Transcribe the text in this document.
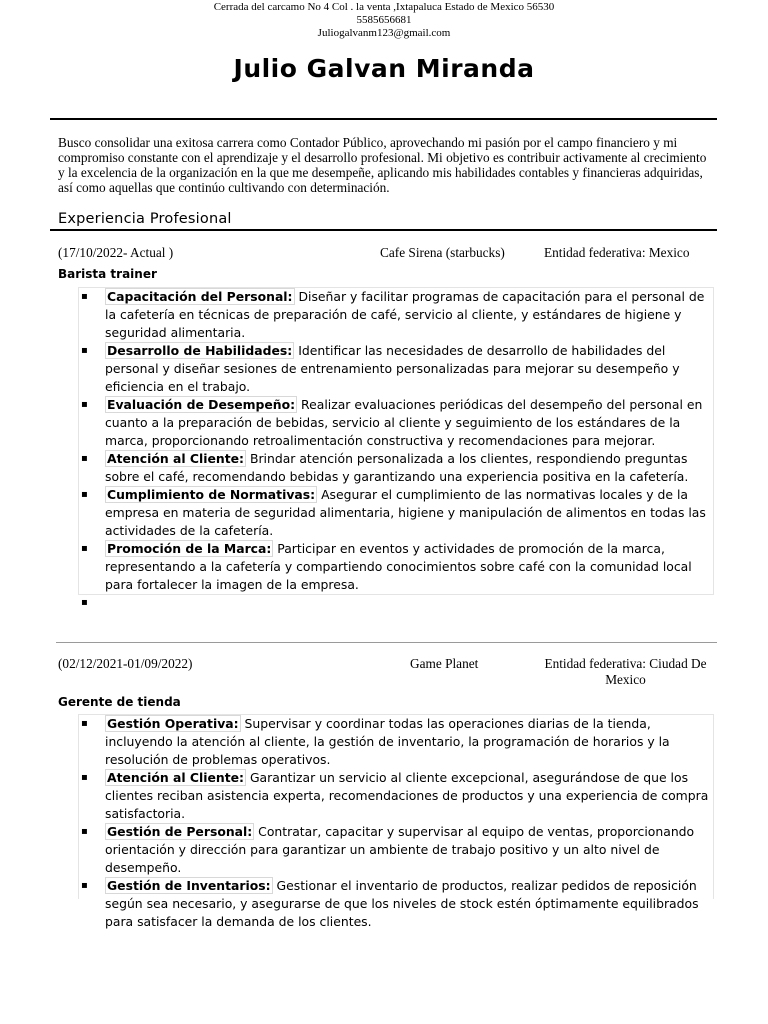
Cerrada del carcamo No 4 Col . la venta ,Ixtapaluca Estado de Mexico 56530
5585656681
Juliogalvanm123@gmail.com
Julio Galvan Miranda
Busco consolidar una exitosa carrera como Contador Público, aprovechando mi pasión por el campo financiero y mi compromiso constante con el aprendizaje y el desarrollo profesional. Mi objetivo es contribuir activamente al crecimiento y la excelencia de la organización en la que me desempeñe, aplicando mis habilidades contables y financieras adquiridas, así como aquellas que continúo cultivando con determinación.
Experiencia Profesional
(17/10/2022- Actual )	Cafe Sirena (starbucks)	Entidad federativa: Mexico
Barista trainer
▪ Capacitación del Personal: Diseñar y facilitar programas de capacitación para el personal de la cafetería en técnicas de preparación de café, servicio al cliente, y estándares de higiene y seguridad alimentaria.
▪ Desarrollo de Habilidades: Identificar las necesidades de desarrollo de habilidades del personal y diseñar sesiones de entrenamiento personalizadas para mejorar su desempeño y eficiencia en el trabajo.
▪ Evaluación de Desempeño: Realizar evaluaciones periódicas del desempeño del personal en cuanto a la preparación de bebidas, servicio al cliente y seguimiento de los estándares de la marca, proporcionando retroalimentación constructiva y recomendaciones para mejorar.
▪ Atención al Cliente: Brindar atención personalizada a los clientes, respondiendo preguntas sobre el café, recomendando bebidas y garantizando una experiencia positiva en la cafetería.
▪ Cumplimiento de Normativas: Asegurar el cumplimiento de las normativas locales y de la empresa en materia de seguridad alimentaria, higiene y manipulación de alimentos en todas las actividades de la cafetería.
▪ Promoción de la Marca: Participar en eventos y actividades de promoción de la marca, representando a la cafetería y compartiendo conocimientos sobre café con la comunidad local para fortalecer la imagen de la empresa.
▪
(02/12/2021-01/09/2022)	Game Planet	Entidad federativa: Ciudad De Mexico
Gerente de tienda
▪ Gestión Operativa: Supervisar y coordinar todas las operaciones diarias de la tienda, incluyendo la atención al cliente, la gestión de inventario, la programación de horarios y la resolución de problemas operativos.
▪ Atención al Cliente: Garantizar un servicio al cliente excepcional, asegurándose de que los clientes reciban asistencia experta, recomendaciones de productos y una experiencia de compra satisfactoria.
▪ Gestión de Personal: Contratar, capacitar y supervisar al equipo de ventas, proporcionando orientación y dirección para garantizar un ambiente de trabajo positivo y un alto nivel de desempeño.
▪ Gestión de Inventarios: Gestionar el inventario de productos, realizar pedidos de reposición según sea necesario, y asegurarse de que los niveles de stock estén óptimamente equilibrados para satisfacer la demanda de los clientes.
